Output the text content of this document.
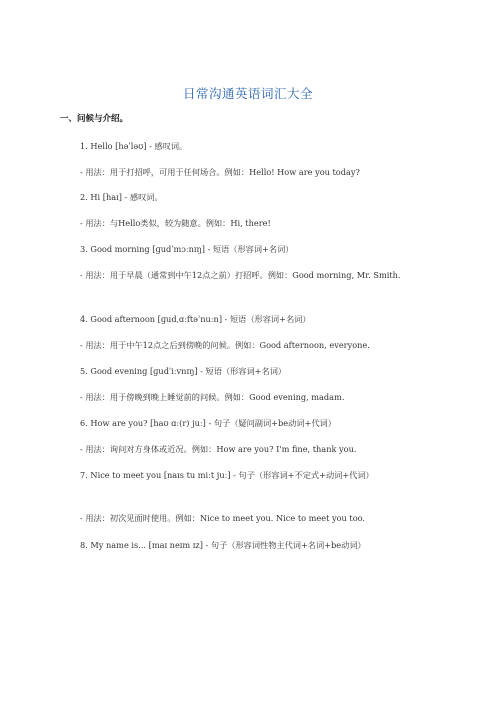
日常沟通英语词汇大全
一、问候与介绍。
1. Hello [həˈləʊ] - 感叹词。
- 用法：用于打招呼，可用于任何场合。例如：Hello! How are you today?
2. Hi [haɪ] - 感叹词。
- 用法：与Hello类似，较为随意。例如：Hi, there!
3. Good morning [ɡudˈmɔːnɪŋ] - 短语（形容词+名词）
- 用法：用于早晨（通常到中午12点之前）打招呼。例如：Good morning, Mr. Smith.
4. Good afternoon [ɡudˌɑːftəˈnuːn] - 短语（形容词+名词）
- 用法：用于中午12点之后到傍晚的问候。例如：Good afternoon, everyone.
5. Good evening [ɡudˈiːvnɪŋ] - 短语（形容词+名词）
- 用法：用于傍晚到晚上睡觉前的问候。例如：Good evening, madam.
6. How are you? [haʊ ɑː(r) juː] - 句子（疑问副词+be动词+代词）
- 用法：询问对方身体或近况。例如：How are you? I'm fine, thank you.
7. Nice to meet you [naɪs tu miːt juː] - 句子（形容词+不定式+动词+代词）
- 用法：初次见面时使用。例如：Nice to meet you. Nice to meet you too.
8. My name is... [maɪ neɪm ɪz] - 句子（形容词性物主代词+名词+be动词）
